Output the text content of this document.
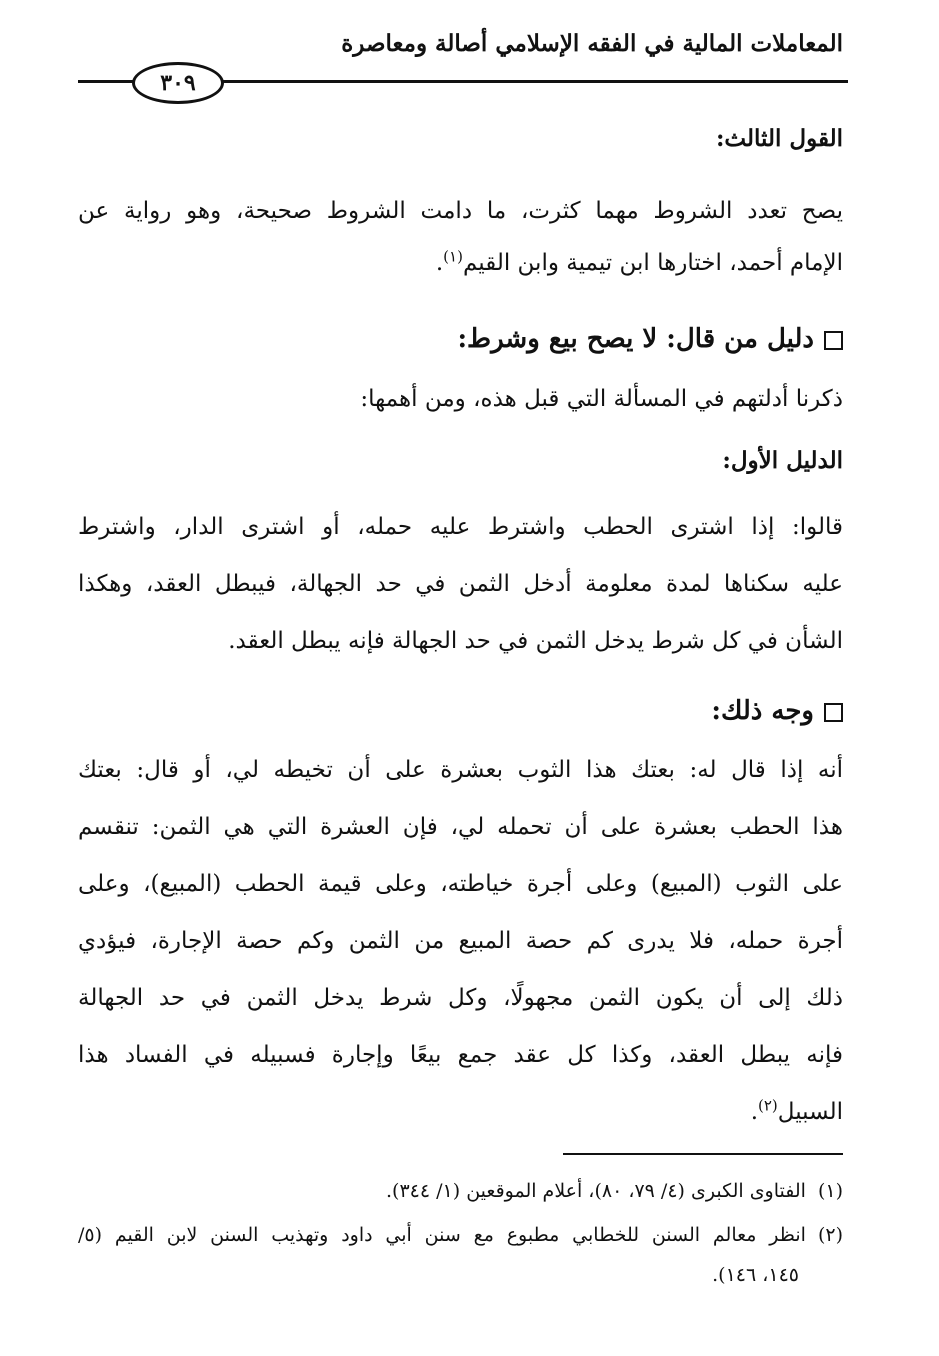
المعاملات المالية في الفقه الإسلامي أصالة ومعاصرة
٣٠٩
القول الثالث:
يصح تعدد الشروط مهما كثرت، ما دامت الشروط صحيحة، وهو رواية عن
الإمام أحمد، اختارها ابن تيمية وابن القيم$^{(١)}$.
دليل من قال: لا يصح بيع وشرط:
ذكرنا أدلتهم في المسألة التي قبل هذه، ومن أهمها:
الدليل الأول:
قالوا: إذا اشترى الحطب واشترط عليه حمله، أو اشترى الدار، واشترط
عليه سكناها لمدة معلومة أدخل الثمن في حد الجهالة، فيبطل العقد، وهكذا
الشأن في كل شرط يدخل الثمن في حد الجهالة فإنه يبطل العقد.
وجه ذلك:
أنه إذا قال له: بعتك هذا الثوب بعشرة على أن تخيطه لي، أو قال: بعتك
هذا الحطب بعشرة على أن تحمله لي، فإن العشرة التي هي الثمن: تنقسم
على الثوب (المبيع) وعلى أجرة خياطته، وعلى قيمة الحطب (المبيع)، وعلى
أجرة حمله، فلا يدرى كم حصة المبيع من الثمن وكم حصة الإجارة، فيؤدي
ذلك إلى أن يكون الثمن مجهولًا، وكل شرط يدخل الثمن في حد الجهالة
فإنه يبطل العقد، وكذا كل عقد جمع بيعًا وإجارة فسبيله في الفساد هذا
السبيل$^{(٢)}$.
(١)الفتاوى الكبرى (٤/ ٧٩، ٨٠)، أعلام الموقعين (١/ ٣٤٤).
(٢)انظر معالم السنن للخطابي مطبوع مع سنن أبي داود وتهذيب السنن لابن القيم (٥/
١٤٥، ١٤٦).
